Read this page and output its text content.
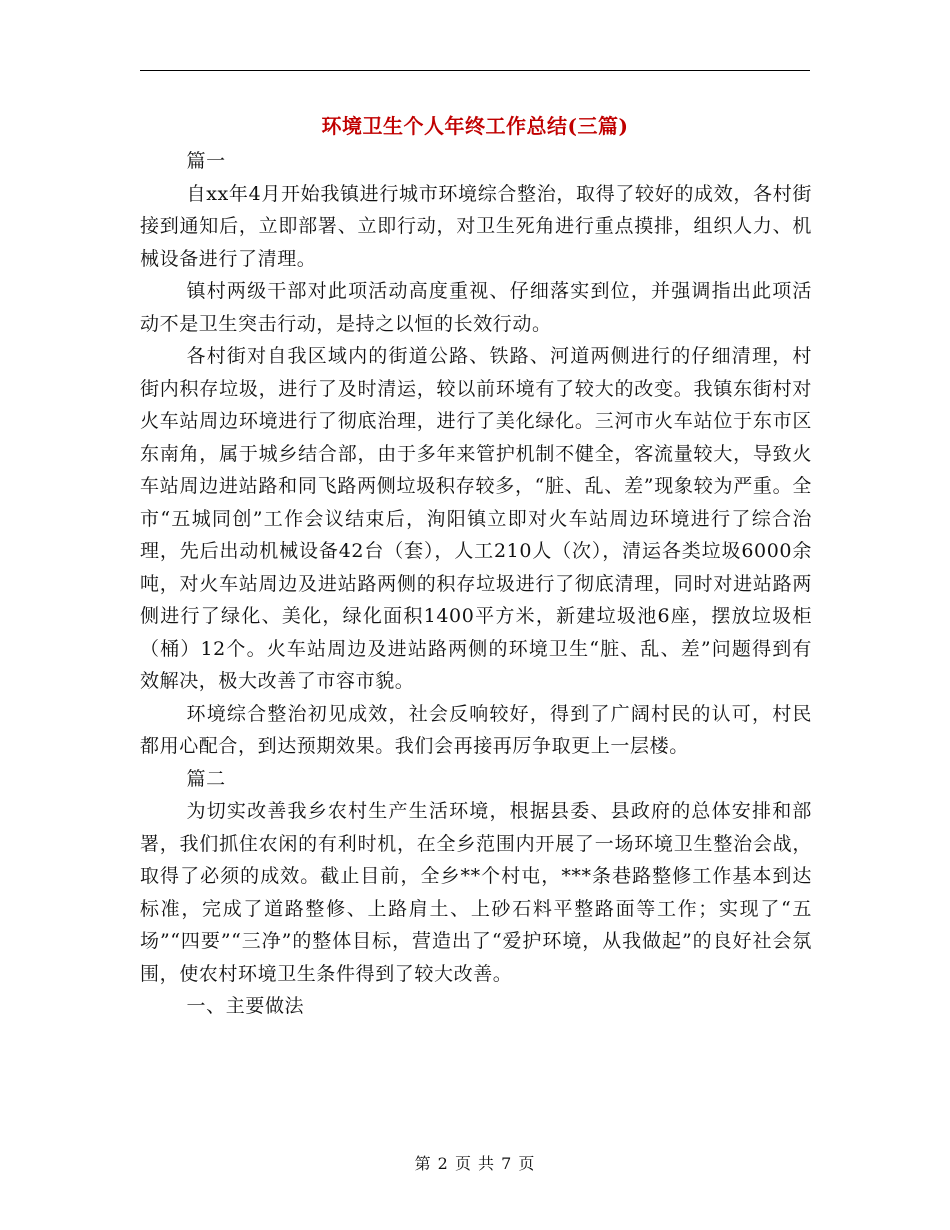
环境卫生个人年终工作总结(三篇)

篇一

自xx年4月开始我镇进行城市环境综合整治，取得了较好的成效，各村街接到通知后，立即部署、立即行动，对卫生死角进行重点摸排，组织人力、机械设备进行了清理。

镇村两级干部对此项活动高度重视、仔细落实到位，并强调指出此项活动不是卫生突击行动，是持之以恒的长效行动。

各村街对自我区域内的街道公路、铁路、河道两侧进行的仔细清理，村街内积存垃圾，进行了及时清运，较以前环境有了较大的改变。我镇东街村对火车站周边环境进行了彻底治理，进行了美化绿化。三河市火车站位于东市区东南角，属于城乡结合部，由于多年来管护机制不健全，客流量较大，导致火车站周边进站路和同飞路两侧垃圾积存较多，“脏、乱、差”现象较为严重。全市“五城同创”工作会议结束后，洵阳镇立即对火车站周边环境进行了综合治理，先后出动机械设备42台（套），人工210人（次），清运各类垃圾6000余吨，对火车站周边及进站路两侧的积存垃圾进行了彻底清理，同时对进站路两侧进行了绿化、美化，绿化面积1400平方米，新建垃圾池6座，摆放垃圾柜（桶）12个。火车站周边及进站路两侧的环境卫生“脏、乱、差”问题得到有效解决，极大改善了市容市貌。

环境综合整治初见成效，社会反响较好，得到了广阔村民的认可，村民都用心配合，到达预期效果。我们会再接再厉争取更上一层楼。

篇二

为切实改善我乡农村生产生活环境，根据县委、县政府的总体安排和部署，我们抓住农闲的有利时机，在全乡范围内开展了一场环境卫生整治会战，取得了必须的成效。截止目前，全乡**个村屯，***条巷路整修工作基本到达标准，完成了道路整修、上路肩土、上砂石料平整路面等工作；实现了“五场”“四要”“三净”的整体目标，营造出了“爱护环境，从我做起”的良好社会氛围，使农村环境卫生条件得到了较大改善。

一、主要做法

第 2 页 共 7 页
